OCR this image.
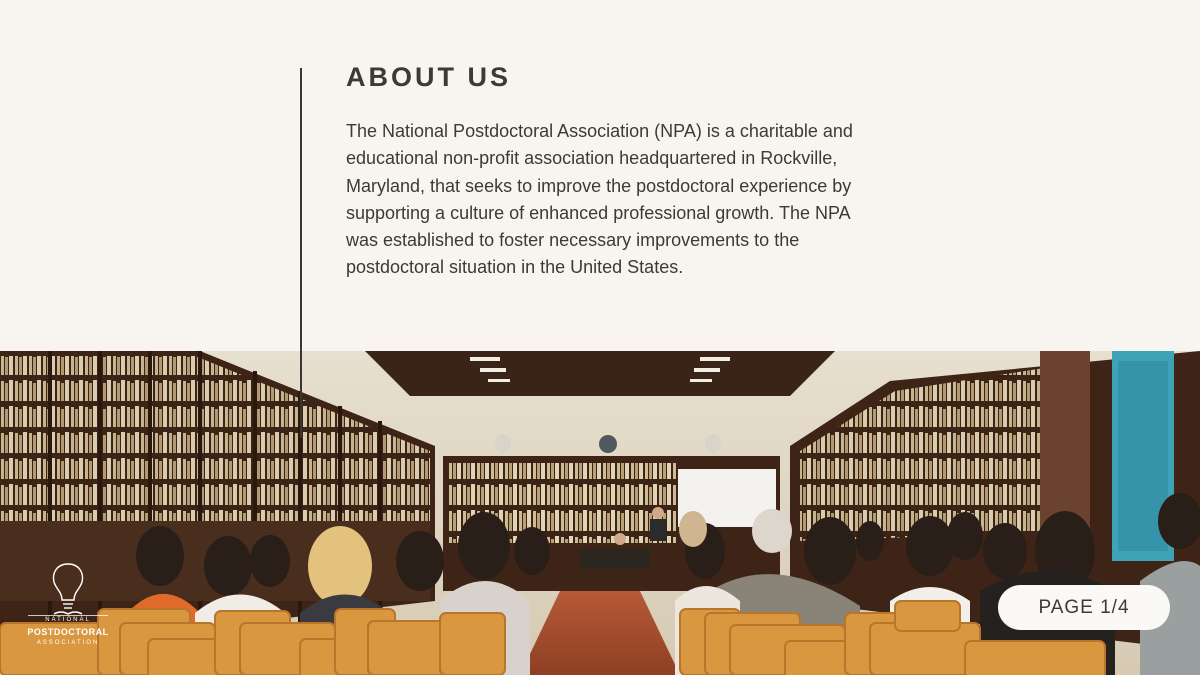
ABOUT US

The National Postdoctoral Association (NPA) is a charitable and educational non-profit association headquartered in Rockville, Maryland, that seeks to improve the postdoctoral experience by supporting a culture of enhanced professional growth. The NPA was established to foster necessary improvements to the postdoctoral situation in the United States.

NATIONAL

POSTDOCTORAL

ASSOCIATION

PAGE 1/4
